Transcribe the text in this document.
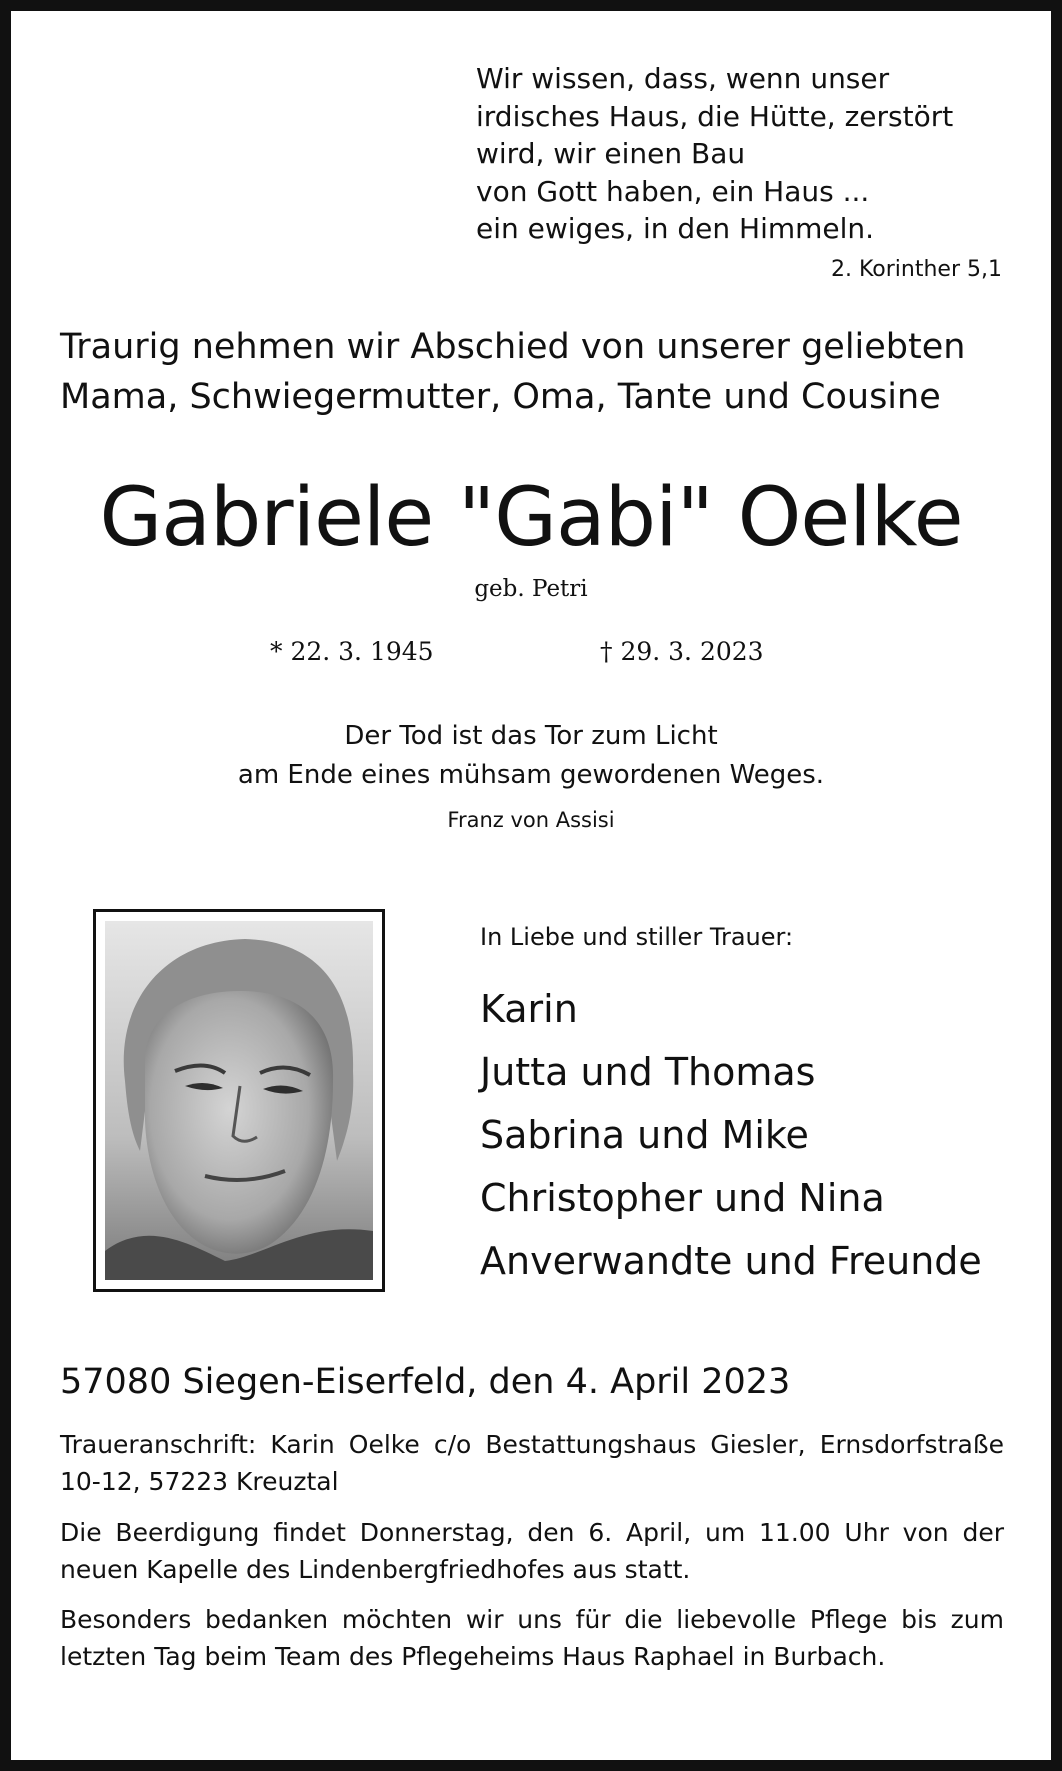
Wir wissen, dass, wenn unser
irdisches Haus, die Hütte, zerstört
wird, wir einen Bau
von Gott haben, ein Haus ...
ein ewiges, in den Himmeln.
2. Korinther 5,1
Traurig nehmen wir Abschied von unserer geliebten
Mama, Schwiegermutter, Oma, Tante und Cousine
Gabriele "Gabi" Oelke
geb. Petri
* 22. 3. 1945	† 29. 3. 2023
Der Tod ist das Tor zum Licht
am Ende eines mühsam gewordenen Weges.
Franz von Assisi
In Liebe und stiller Trauer:
Karin
Jutta und Thomas
Sabrina und Mike
Christopher und Nina
Anverwandte und Freunde
57080 Siegen-Eiserfeld, den 4. April 2023
Traueranschrift: Karin Oelke c/o Bestattungshaus Giesler, Ernsdorfstraße 10-12, 57223 Kreuztal
Die Beerdigung findet Donnerstag, den 6. April, um 11.00 Uhr von der neuen Kapelle des Lindenbergfriedhofes aus statt.
Besonders bedanken möchten wir uns für die liebevolle Pflege bis zum letzten Tag beim Team des Pflegeheims Haus Raphael in Burbach.
